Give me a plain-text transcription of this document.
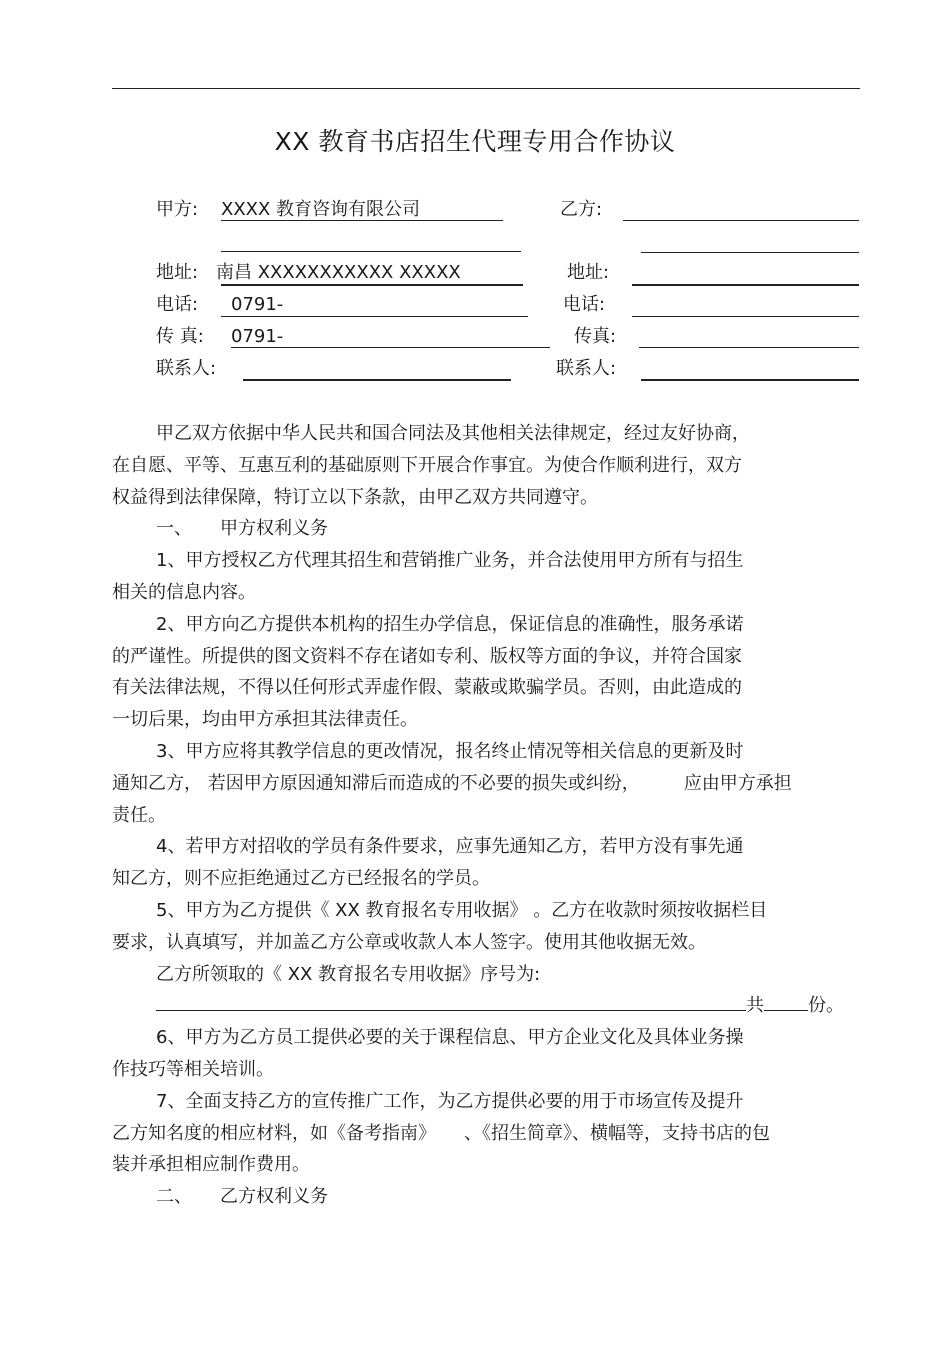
XX 教育书店招生代理专用合作协议
甲方: XXXX 教育咨询有限公司
地址: 南昌 XXXXXXXXXXX XXXXX
电话: 0791-
传 真: 0791-
联系人:
乙方:
地址:
电话:
传真:
联系人:
甲乙双方依据中华人民共和国合同法及其他相关法律规定，经过友好协商，
在自愿、平等、互惠互利的基础原则下开展合作事宜。为使合作顺利进行，双方
权益得到法律保障，特订立以下条款，由甲乙双方共同遵守。
一、 甲方权利义务
1、甲方授权乙方代理其招生和营销推广业务，并合法使用甲方所有与招生
相关的信息内容。
2、甲方向乙方提供本机构的招生办学信息，保证信息的准确性，服务承诺
的严谨性。所提供的图文资料不存在诸如专利、版权等方面的争议，并符合国家
有关法律法规，不得以任何形式弄虚作假、蒙蔽或欺骗学员。否则，由此造成的
一切后果，均由甲方承担其法律责任。
3、甲方应将其教学信息的更改情况，报名终止情况等相关信息的更新及时
通知乙方， 若因甲方原因通知滞后而造成的不必要的损失或纠纷， 应由甲方承担
责任。
4、若甲方对招收的学员有条件要求，应事先通知乙方，若甲方没有事先通
知乙方，则不应拒绝通过乙方已经报名的学员。
5、甲方为乙方提供《 XX 教育报名专用收据》 。乙方在收款时须按收据栏目
要求，认真填写，并加盖乙方公章或收款人本人签字。使用其他收据无效。
乙方所领取的《 XX 教育报名专用收据》序号为:
共 份。
6、甲方为乙方员工提供必要的关于课程信息、甲方企业文化及具体业务操
作技巧等相关培训。
7、全面支持乙方的宣传推广工作，为乙方提供必要的用于市场宣传及提升
乙方知名度的相应材料，如《备考指南》 、《招生简章》、横幅等，支持书店的包
装并承担相应制作费用。
二、 乙方权利义务
